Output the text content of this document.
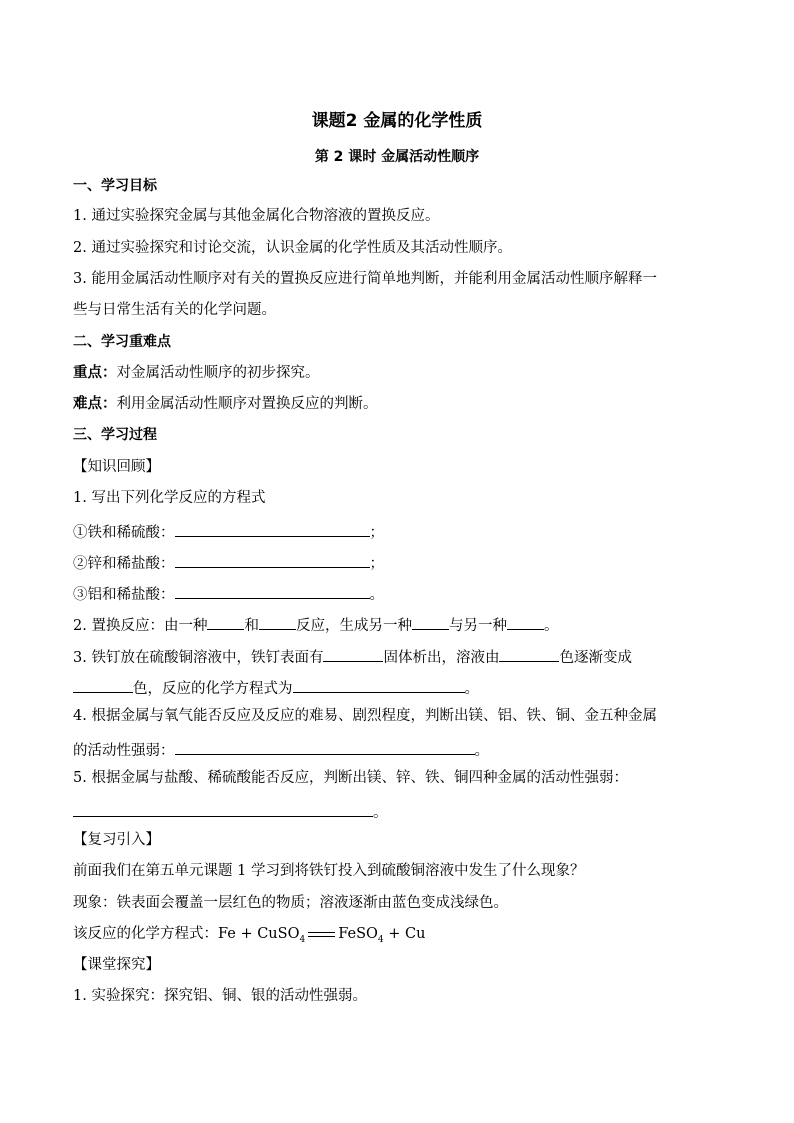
课题2 金属的化学性质
第 2 课时 金属活动性顺序
一、学习目标
1. 通过实验探究金属与其他金属化合物溶液的置换反应。
2. 通过实验探究和讨论交流，认识金属的化学性质及其活动性顺序。
3. 能用金属活动性顺序对有关的置换反应进行简单地判断，并能利用金属活动性顺序解释一
些与日常生活有关的化学问题。
二、学习重难点
重点：对金属活动性顺序的初步探究。
难点：利用金属活动性顺序对置换反应的判断。
三、学习过程
【知识回顾】
1. 写出下列化学反应的方程式
①铁和稀硫酸：	；
②锌和稀盐酸：	；
③铝和稀盐酸：	。
2. 置换反应：由一种	和	反应，生成另一种	与另一种	。
3. 铁钉放在硫酸铜溶液中，铁钉表面有	固体析出，溶液由	色逐渐变成
色，反应的化学方程式为	。
4. 根据金属与氧气能否反应及反应的难易、剧烈程度，判断出镁、铝、铁、铜、金五种金属
的活动性强弱：	。
5. 根据金属与盐酸、稀硫酸能否反应，判断出镁、锌、铁、铜四种金属的活动性强弱：
。
【复习引入】
前面我们在第五单元课题 1 学习到将铁钉投入到硫酸铜溶液中发生了什么现象？
现象：铁表面会覆盖一层红色的物质；溶液逐渐由蓝色变成浅绿色。
该反应的化学方程式：Fe + CuSO$_4$ FeSO$_4$ + Cu
【课堂探究】
1. 实验探究：探究铝、铜、银的活动性强弱。
